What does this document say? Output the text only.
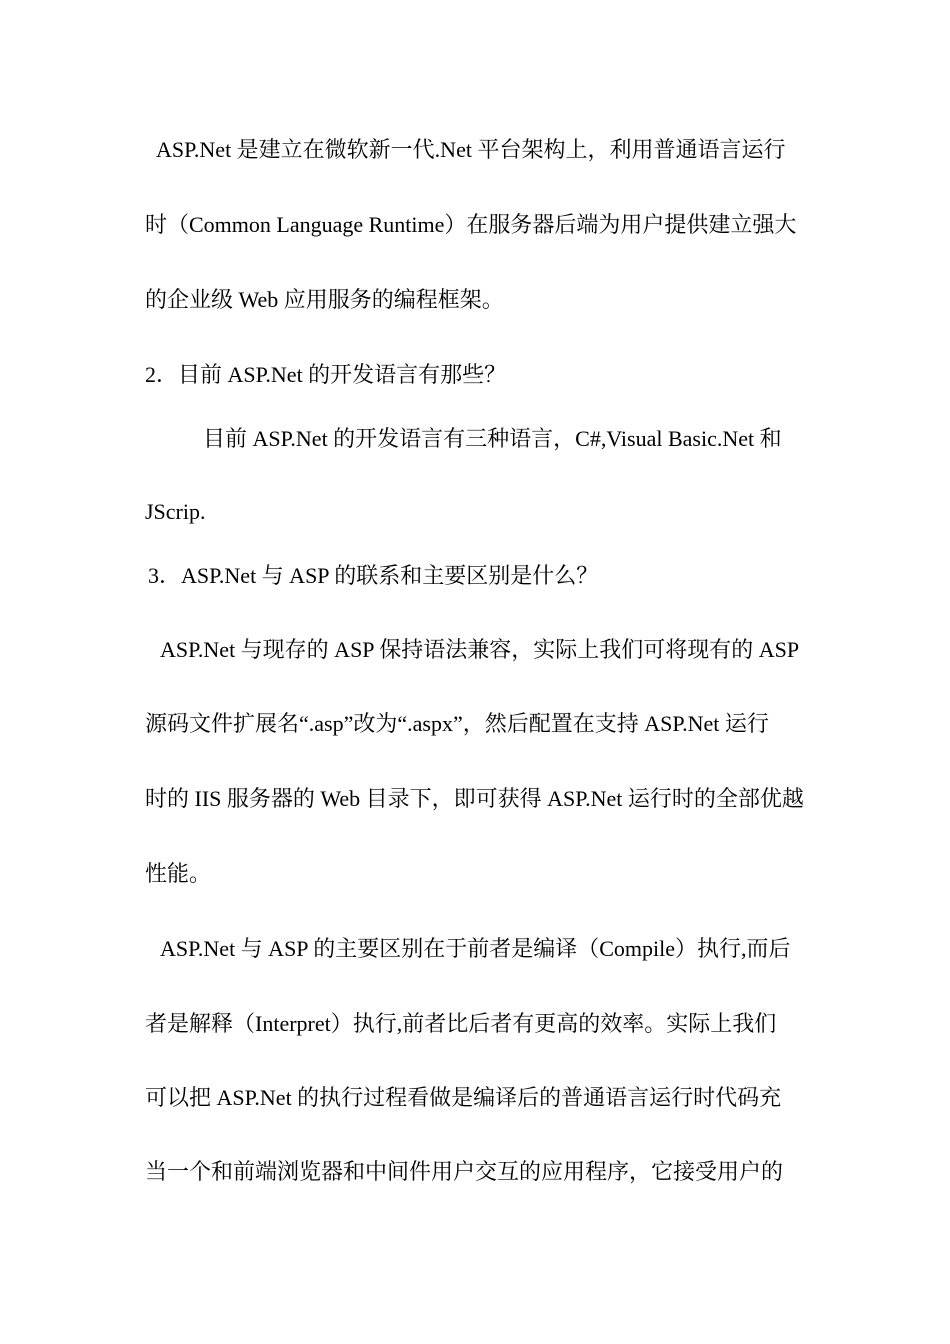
ASP.Net 是建立在微软新一代.Net 平台架构上，利用普通语言运行
时（Common Language Runtime）在服务器后端为用户提供建立强大
的企业级 Web 应用服务的编程框架。
2．目前 ASP.Net 的开发语言有那些？
目前 ASP.Net 的开发语言有三种语言，C#,Visual Basic.Net 和
JScrip.
3．ASP.Net 与 ASP 的联系和主要区别是什么？
ASP.Net 与现存的 ASP 保持语法兼容，实际上我们可将现有的 ASP
源码文件扩展名“.asp”改为“.aspx”，然后配置在支持 ASP.Net 运行
时的 IIS 服务器的 Web 目录下，即可获得 ASP.Net 运行时的全部优越
性能。
ASP.Net 与 ASP 的主要区别在于前者是编译（Compile）执行,而后
者是解释（Interpret）执行,前者比后者有更高的效率。实际上我们
可以把 ASP.Net 的执行过程看做是编译后的普通语言运行时代码充
当一个和前端浏览器和中间件用户交互的应用程序，它接受用户的
